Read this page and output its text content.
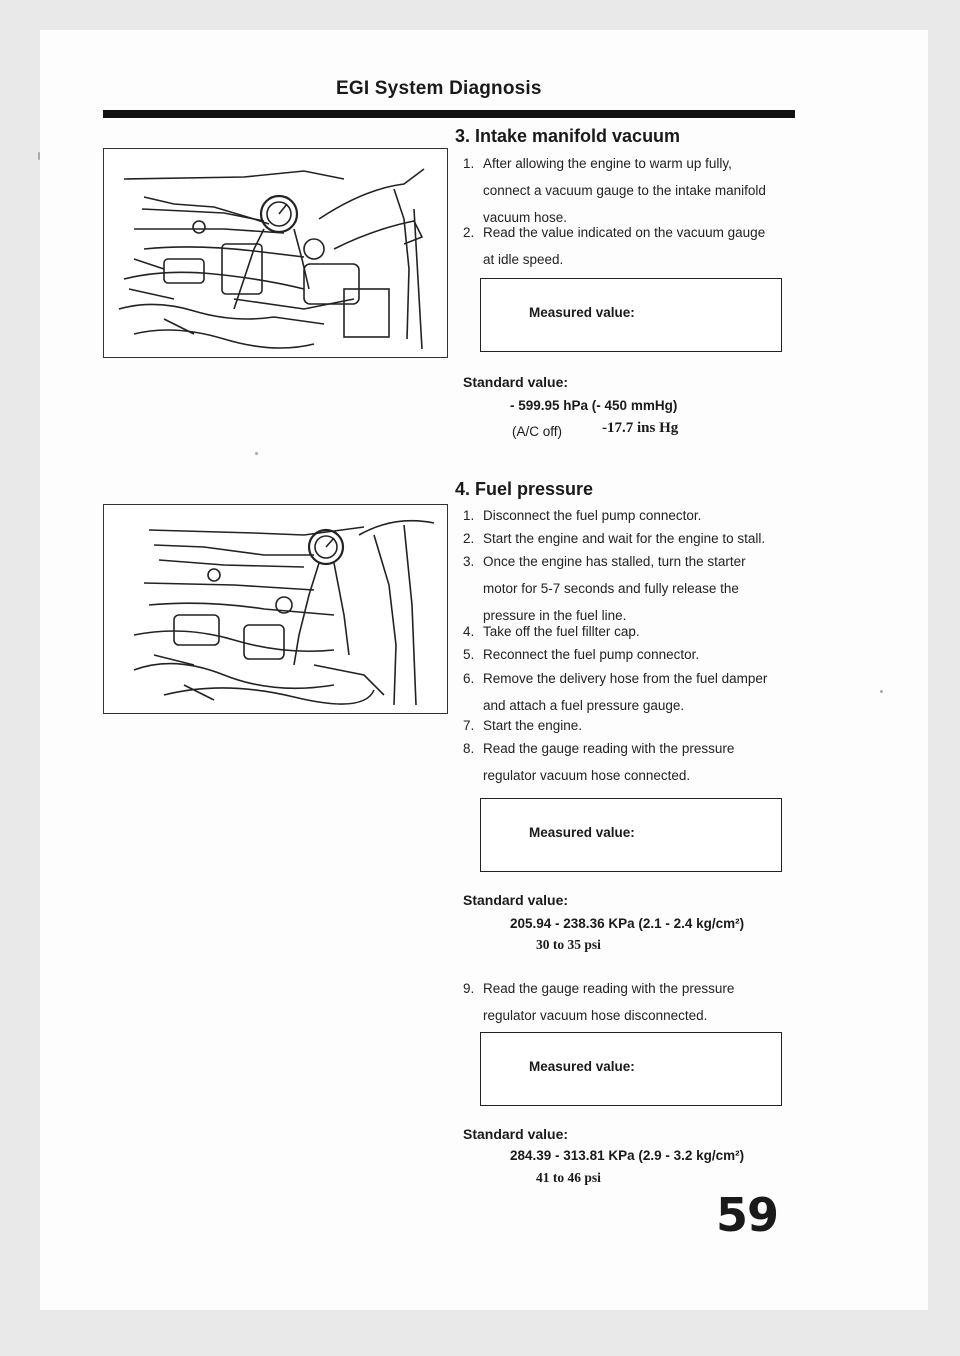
EGI System Diagnosis
3. Intake manifold vacuum
1. After allowing the engine to warm up fully,
connect a vacuum gauge to the intake manifold
vacuum hose.
2. Read the value indicated on the vacuum gauge
at idle speed.
Measured value:
Standard value:
- 599.95 hPa (- 450 mmHg)
(A/C off)	-17.7 ins Hg
4. Fuel pressure
1. Disconnect the fuel pump connector.
2. Start the engine and wait for the engine to stall.
3. Once the engine has stalled, turn the starter
motor for 5-7 seconds and fully release the
pressure in the fuel line.
4. Take off the fuel fillter cap.
5. Reconnect the fuel pump connector.
6. Remove the delivery hose from the fuel damper
and attach a fuel pressure gauge.
7. Start the engine.
8. Read the gauge reading with the pressure
regulator vacuum hose connected.
Measured value:
Standard value:
205.94 - 238.36 KPa (2.1 - 2.4 kg/cm²)
30 to 35 psi
9. Read the gauge reading with the pressure
regulator vacuum hose disconnected.
Measured value:
Standard value:
284.39 - 313.81 KPa (2.9 - 3.2 kg/cm²)
41 to 46 psi
59
